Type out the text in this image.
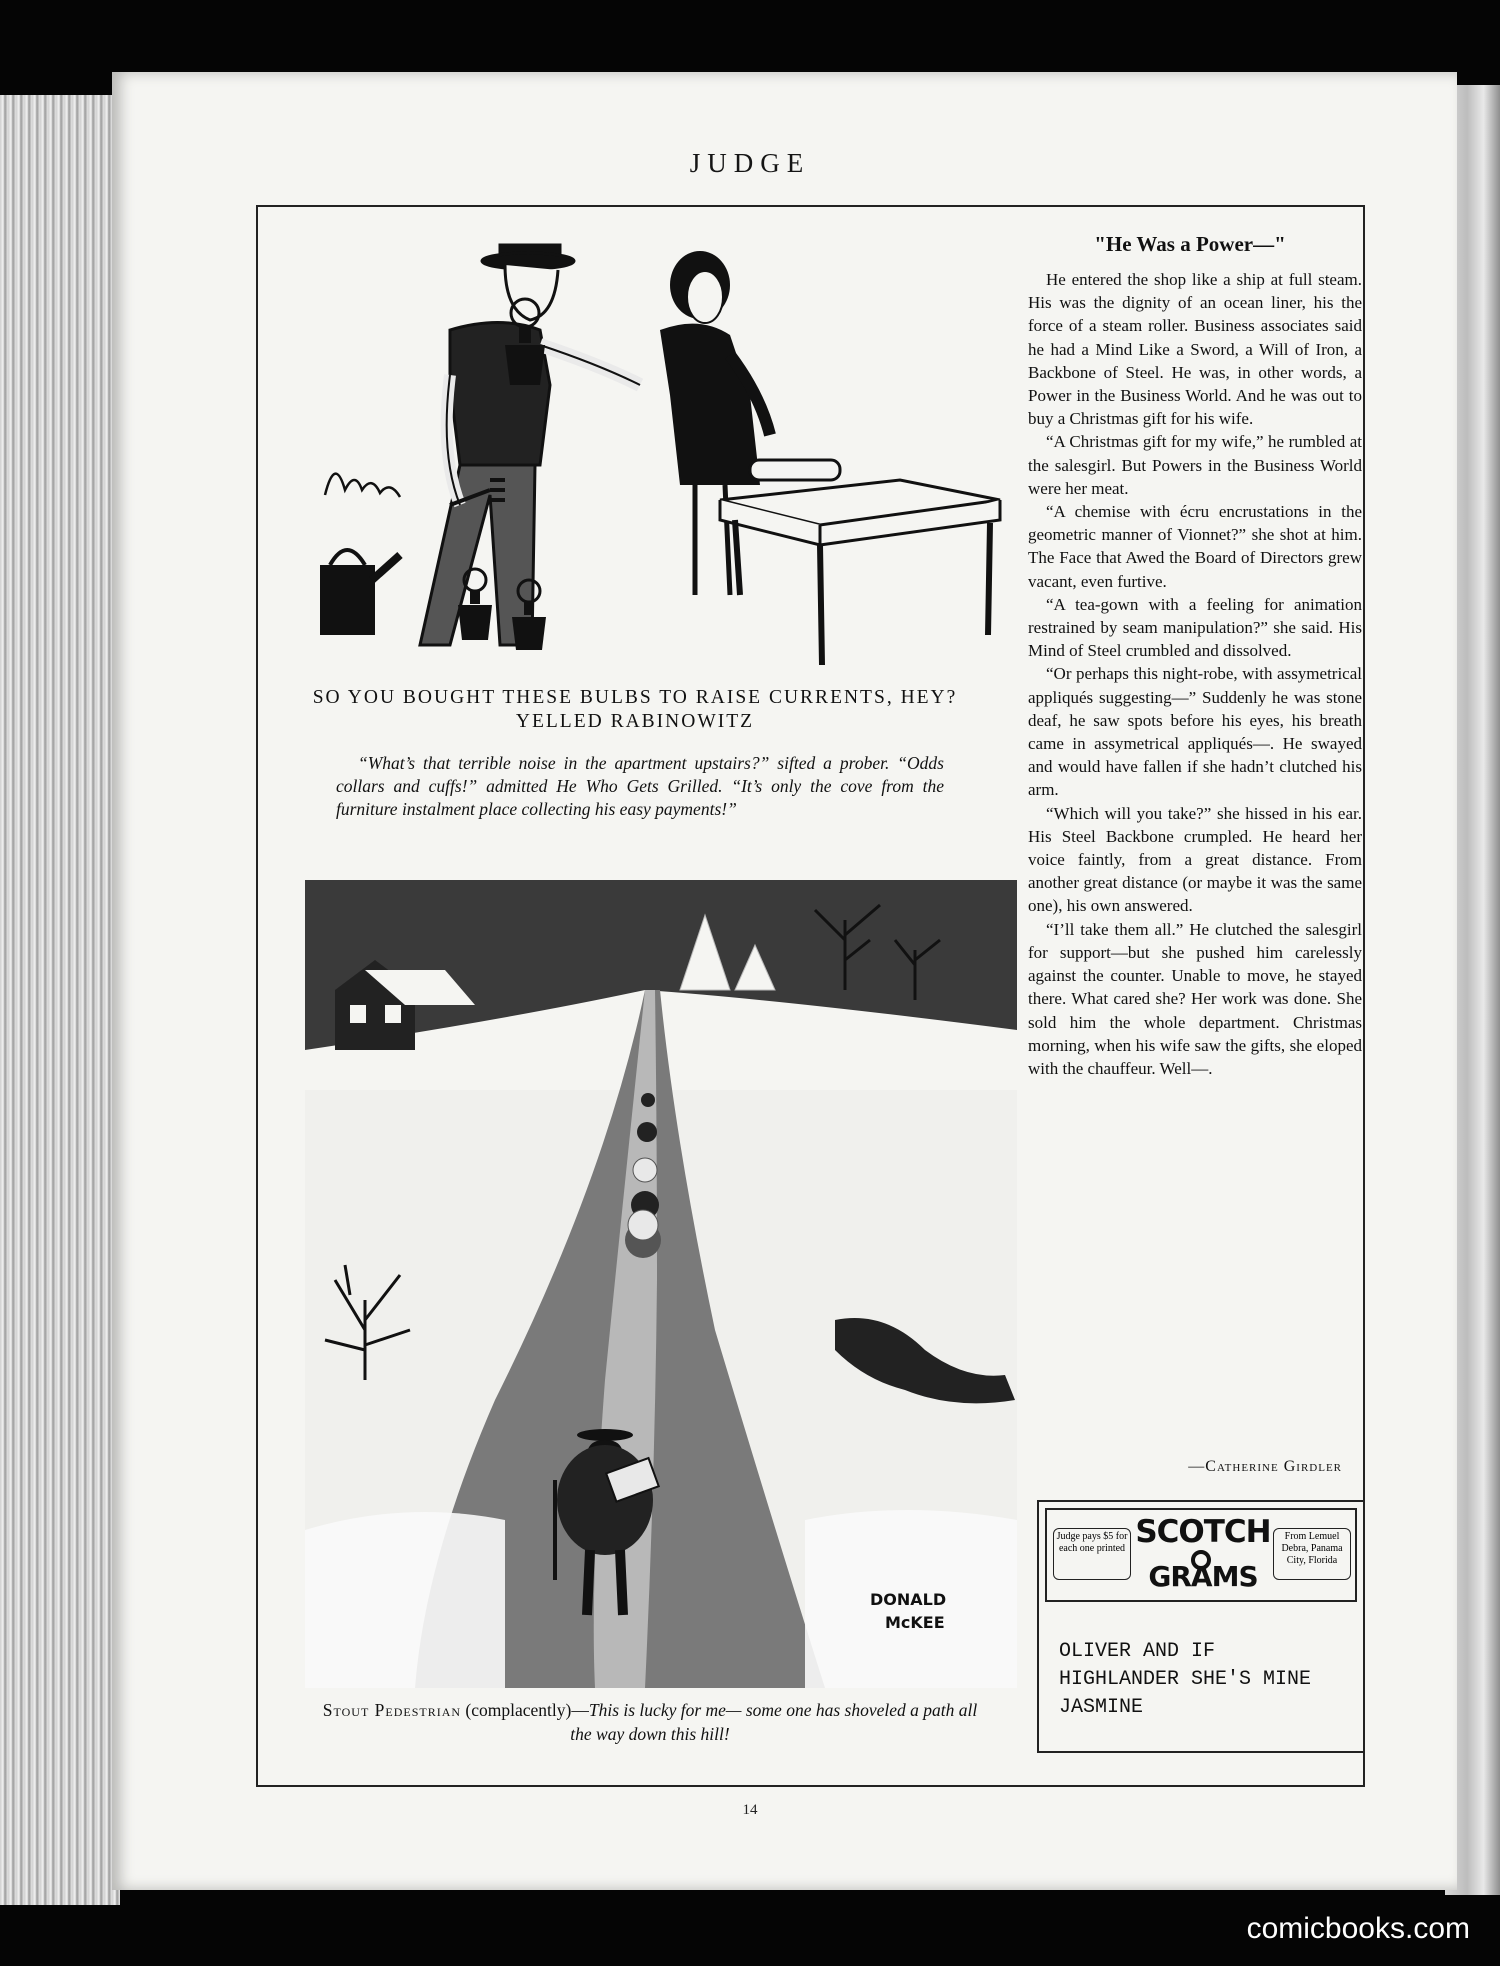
JUDGE
SO YOU BOUGHT THESE BULBS TO RAISE CURRENTS, HEY? YELLED RABINOWITZ
“What’s that terrible noise in the apartment upstairs?” sifted a prober. “Odds collars and cuffs!” admitted He Who Gets Grilled. “It’s only the cove from the furniture instalment place collecting his easy payments!”
DONALD
McKEE
Stout Pedestrian (complacently)—This is lucky for me— some one has shoveled a path all the way down this hill!
"He Was a Power—"

He entered the shop like a ship at full steam. His was the dignity of an ocean liner, his the force of a steam roller. Business associates said he had a Mind Like a Sword, a Will of Iron, a Backbone of Steel. He was, in other words, a Power in the Business World. And he was out to buy a Christmas gift for his wife.

“A Christmas gift for my wife,” he rumbled at the salesgirl. But Powers in the Business World were her meat.

“A chemise with écru encrustations in the geometric manner of Vionnet?” she shot at him. The Face that Awed the Board of Directors grew vacant, even furtive.

“A tea-gown with a feeling for animation restrained by seam manipulation?” she said. His Mind of Steel crumbled and dissolved.

“Or perhaps this night-robe, with assymetrical appliqués suggesting—” Suddenly he was stone deaf, he saw spots before his eyes, his breath came in assymetrical appliqués—. He swayed and would have fallen if she hadn’t clutched his arm.

“Which will you take?” she hissed in his ear. His Steel Backbone crumpled. He heard her voice faintly, from a great distance. From another great distance (or maybe it was the same one), his own answered.

“I’ll take them all.” He clutched the salesgirl for support—but she pushed him carelessly against the counter. Unable to move, he stayed there. What cared she? Her work was done. She sold him the whole department. Christmas morning, when his wife saw the gifts, she eloped with the chauffeur. Well—.

—Catherine Girdler
Judge pays $5 for each one printed SCOTCH
GRAMS
From Lemuel Debra, Panama City, Florida
OLIVER AND IF
HIGHLANDER SHE'S MINE
JASMINE
14
comicbooks.com
